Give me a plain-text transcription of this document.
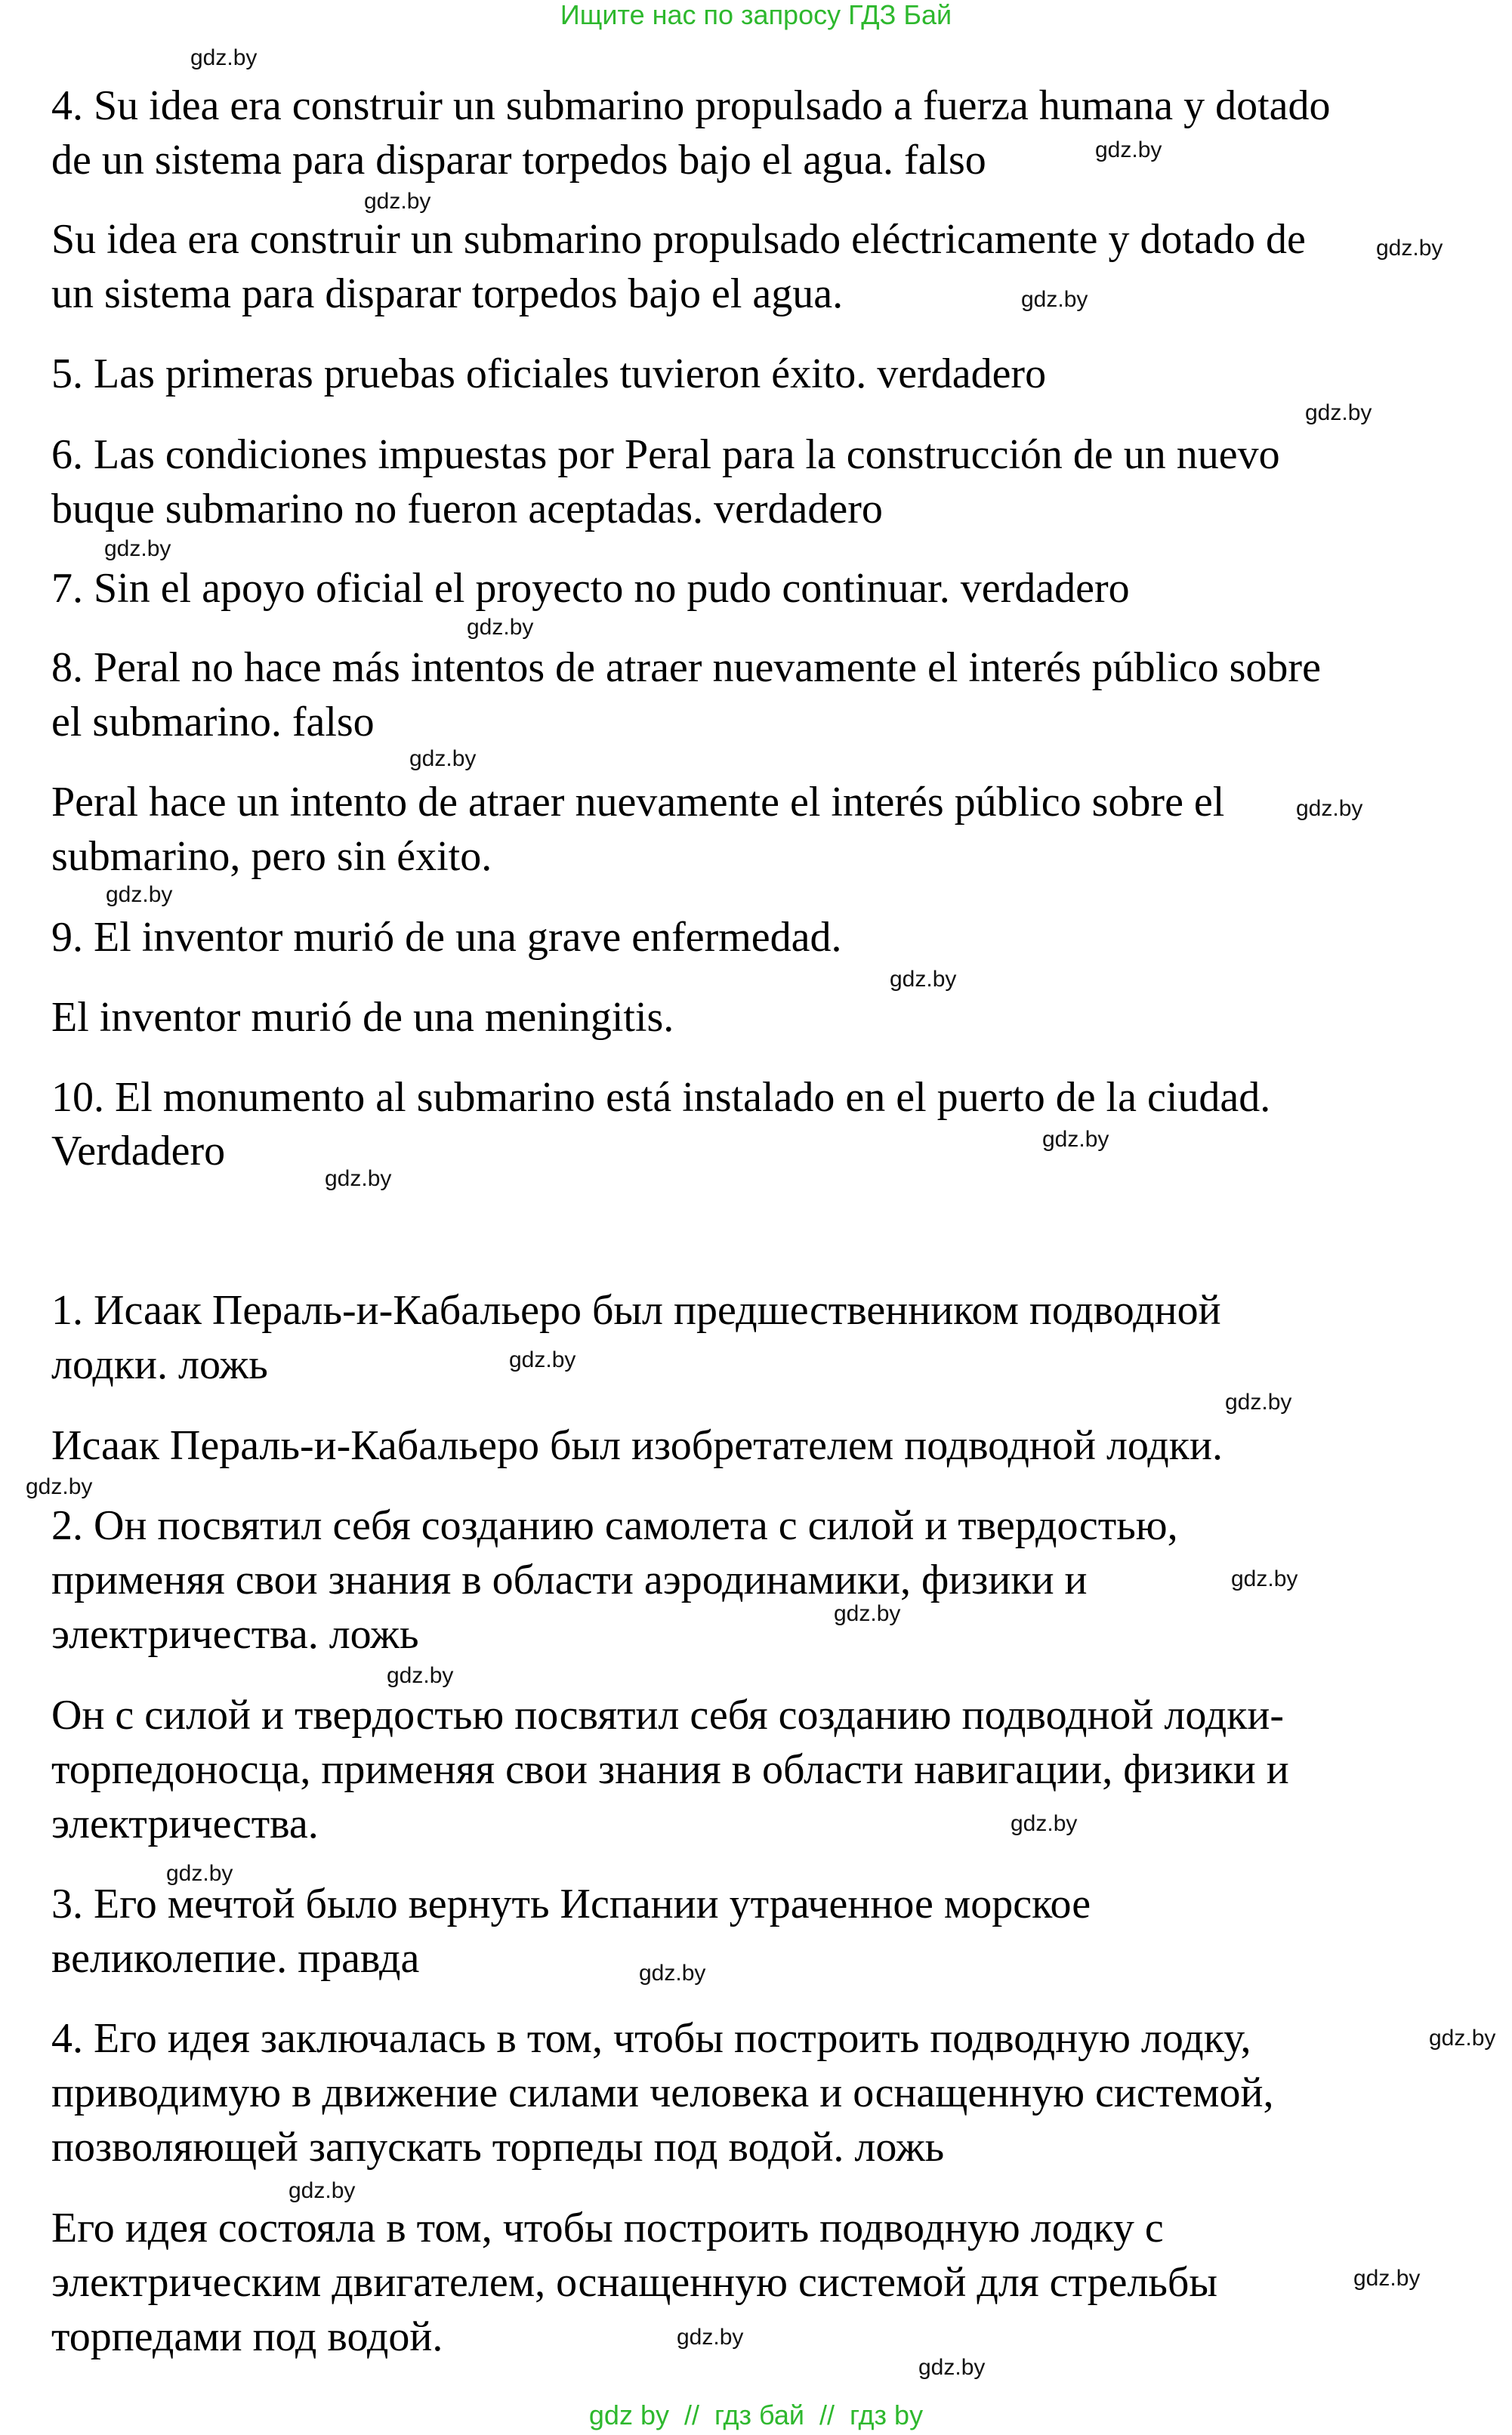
Ищите нас по запросу ГДЗ Бай
4. Su idea era construir un submarino propulsado a fuerza humana y dotado
de un sistema para disparar torpedos bajo el agua. falso
Su idea era construir un submarino propulsado eléctricamente y dotado de
un sistema para disparar torpedos bajo el agua.
5. Las primeras pruebas oficiales tuvieron éxito. verdadero
6. Las condiciones impuestas por Peral para la construcción de un nuevo
buque submarino no fueron aceptadas. verdadero
7. Sin el apoyo oficial el proyecto no pudo continuar. verdadero
8. Peral no hace más intentos de atraer nuevamente el interés público sobre
el submarino. falso
Peral hace un intento de atraer nuevamente el interés público sobre el
submarino, pero sin éxito.
9. El inventor murió de una grave enfermedad.
El inventor murió de una meningitis.
10. El monumento al submarino está instalado en el puerto de la ciudad.
Verdadero
1. Исаак Пераль-и-Кабальеро был предшественником подводной
лодки. ложь
Исаак Пераль-и-Кабальеро был изобретателем подводной лодки.
2. Он посвятил себя созданию самолета с силой и твердостью,
применяя свои знания в области аэродинамики, физики и
электричества. ложь
Он с силой и твердостью посвятил себя созданию подводной лодки-
торпедоносца, применяя свои знания в области навигации, физики и
электричества.
3. Его мечтой было вернуть Испании утраченное морское
великолепие. правда
4. Его идея заключалась в том, чтобы построить подводную лодку,
приводимую в движение силами человека и оснащенную системой,
позволяющей запускать торпеды под водой. ложь
Его идея состояла в том, чтобы построить подводную лодку с
электрическим двигателем, оснащенную системой для стрельбы
торпедами под водой.
gdz.by
gdz.by
gdz.by
gdz.by
gdz.by
gdz.by
gdz.by
gdz.by
gdz.by
gdz.by
gdz.by
gdz.by
gdz.by
gdz.by
gdz.by
gdz.by
gdz.by
gdz.by
gdz.by
gdz.by
gdz.by
gdz.by
gdz.by
gdz.by
gdz.by
gdz.by
gdz.by
gdz.by
gdz by // гдз бай // гдз by
